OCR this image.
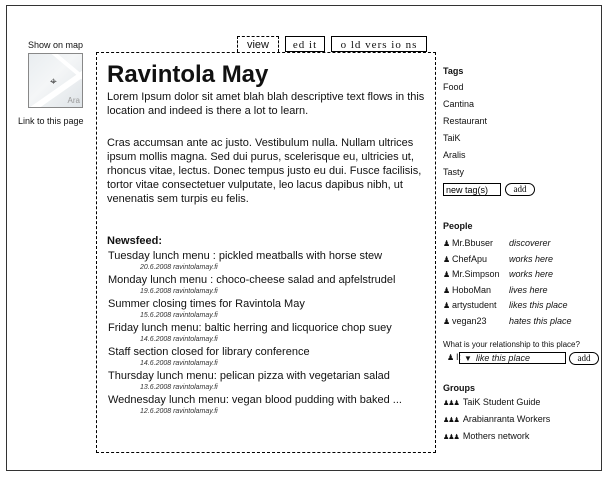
Show on map
⌖
Ara
Link to this page
view	ed it	o ld vers io ns
Ravintola May

Lorem Ipsum dolor sit amet blah blah descriptive text flows in this location and indeed is there a lot to learn.

Cras accumsan ante ac justo. Vestibulum nulla. Nullam ultrices ipsum mollis magna. Sed dui purus, scelerisque eu, ultricies ut, rhoncus vitae, lectus. Donec tempus justo eu dui. Fusce facilisis, tortor vitae consectetuer vulputate, leo lacus dapibus nibh, ut venenatis sem turpis eu felis.

Newsfeed:
Tuesday lunch menu : pickled meatballs with horse stew
20.6.2008 ravintolamay.fi
Monday lunch menu : choco-cheese salad and apfelstrudel
19.6.2008 ravintolamay.fi
Summer closing times for Ravintola May
15.6.2008 ravintolamay.fi
Friday lunch menu: baltic herring and licquorice chop suey
14.6.2008 ravintolamay.fi
Staff section closed for library conference
14.6.2008 ravintolamay.fi
Thursday lunch menu: pelican pizza with vegetarian salad
13.6.2008 ravintolamay.fi
Wednesday lunch menu: vegan blood pudding with baked ...
12.6.2008 ravintolamay.fi
Tags
Food
Cantina
Restaurant
TaiK
Aralis
Tasty
new tag(s)
add
People
♟ Mr.Bbuser discoverer
♟ ChefApu works here
♟ Mr.Simpson works here
♟ HoboMan lives here
♟ artystudent likes this place
♟ vegan23 hates this place
What is your relationship to this place?
♟ I: ▼ like this place	add
Groups
♟♟♟ TaiK Student Guide
♟♟♟ Arabianranta Workers
♟♟♟ Mothers network
